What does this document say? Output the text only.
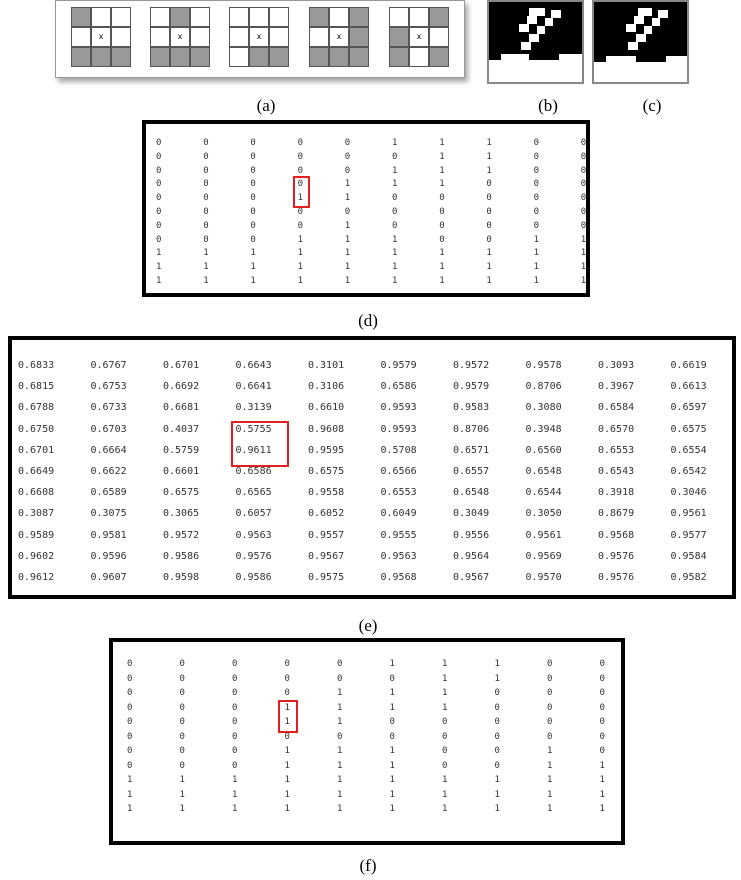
x	x	x	x	x
(a)	(b)	(c)
0	0	0	0	0	1	1	1	0	0
0	0	0	0	0	0	1	1	0	0
0	0	0	0	0	1	1	1	0	0
0	0	0	0	1	1	1	0	0	0
0	0	0	1	1	0	0	0	0	0
0	0	0	0	0	0	0	0	0	0
0	0	0	0	1	0	0	0	0	0
0	0	0	1	1	1	0	0	1	1
1	1	1	1	1	1	1	1	1	1
1	1	1	1	1	1	1	1	1	1
1	1	1	1	1	1	1	1	1	1
(d)
0.6833	0.6767	0.6701	0.6643	0.3101	0.9579	0.9572	0.9578	0.3093	0.6619
0.6815	0.6753	0.6692	0.6641	0.3106	0.6586	0.9579	0.8706	0.3967	0.6613
0.6788	0.6733	0.6681	0.3139	0.6610	0.9593	0.9583	0.3080	0.6584	0.6597
0.6750	0.6703	0.4037	0.5755	0.9608	0.9593	0.8706	0.3948	0.6570	0.6575
0.6701	0.6664	0.5759	0.9611	0.9595	0.5708	0.6571	0.6560	0.6553	0.6554
0.6649	0.6622	0.6601	0.6586	0.6575	0.6566	0.6557	0.6548	0.6543	0.6542
0.6608	0.6589	0.6575	0.6565	0.9558	0.6553	0.6548	0.6544	0.3918	0.3046
0.3087	0.3075	0.3065	0.6057	0.6052	0.6049	0.3049	0.3050	0.8679	0.9561
0.9589	0.9581	0.9572	0.9563	0.9557	0.9555	0.9556	0.9561	0.9568	0.9577
0.9602	0.9596	0.9586	0.9576	0.9567	0.9563	0.9564	0.9569	0.9576	0.9584
0.9612	0.9607	0.9598	0.9586	0.9575	0.9568	0.9567	0.9570	0.9576	0.9582
(e)
0	0	0	0	0	1	1	1	0	0
0	0	0	0	0	0	1	1	0	0
0	0	0	0	1	1	1	0	0	0
0	0	0	1	1	1	1	0	0	0
0	0	0	1	1	0	0	0	0	0
0	0	0	0	0	0	0	0	0	0
0	0	0	1	1	1	0	0	1	0
0	0	0	1	1	1	0	0	1	1
1	1	1	1	1	1	1	1	1	1
1	1	1	1	1	1	1	1	1	1
1	1	1	1	1	1	1	1	1	1
(f)
